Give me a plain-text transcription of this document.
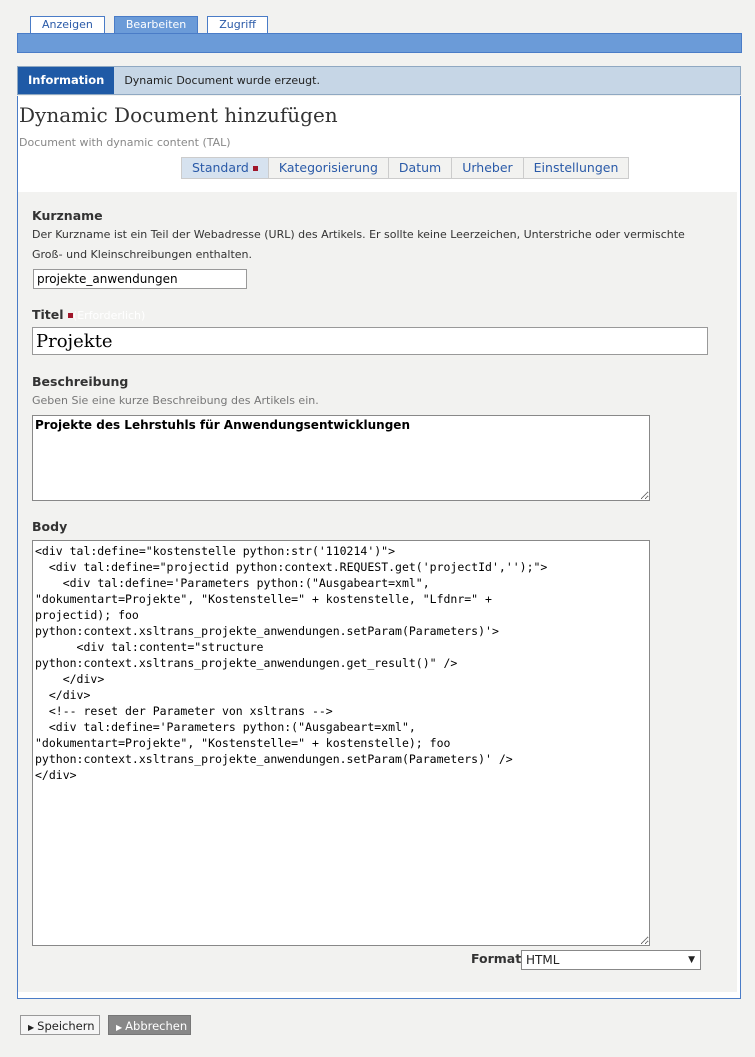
Anzeigen	Bearbeiten	Zugriff
Information	Dynamic Document wurde erzeugt.
Dynamic Document hinzufügen
Document with dynamic content (TAL)
Standard	Kategorisierung	Datum	Urheber	Einstellungen
Kurzname
Der Kurzname ist ein Teil der Webadresse (URL) des Artikels. Er sollte keine Leerzeichen, Unterstriche oder vermischte
Groß- und Kleinschreibungen enthalten.
projekte_anwendungen
Titel (Erforderlich)
Projekte
Beschreibung
Geben Sie eine kurze Beschreibung des Artikels ein.
Projekte des Lehrstuhls für Anwendungsentwicklungen
Body
<div tal:define="kostenstelle python:str('110214')"> <div tal:define="projectid python:context.REQUEST.get('projectId','');"> <div tal:define='Parameters python:("Ausgabeart=xml", "dokumentart=Projekte", "Kostenstelle=" + kostenstelle, "Lfdnr=" + projectid); foo python:context.xsltrans_projekte_anwendungen.setParam(Parameters)'> <div tal:content="structure python:context.xsltrans_projekte_anwendungen.get_result()" /> </div> </div> <!-- reset der Parameter von xsltrans --> <div tal:define='Parameters python:("Ausgabeart=xml", "dokumentart=Projekte", "Kostenstelle=" + kostenstelle); foo python:context.xsltrans_projekte_anwendungen.setParam(Parameters)' /> </div>
Format HTML	▼
▶ Speichern	▶ Abbrechen
